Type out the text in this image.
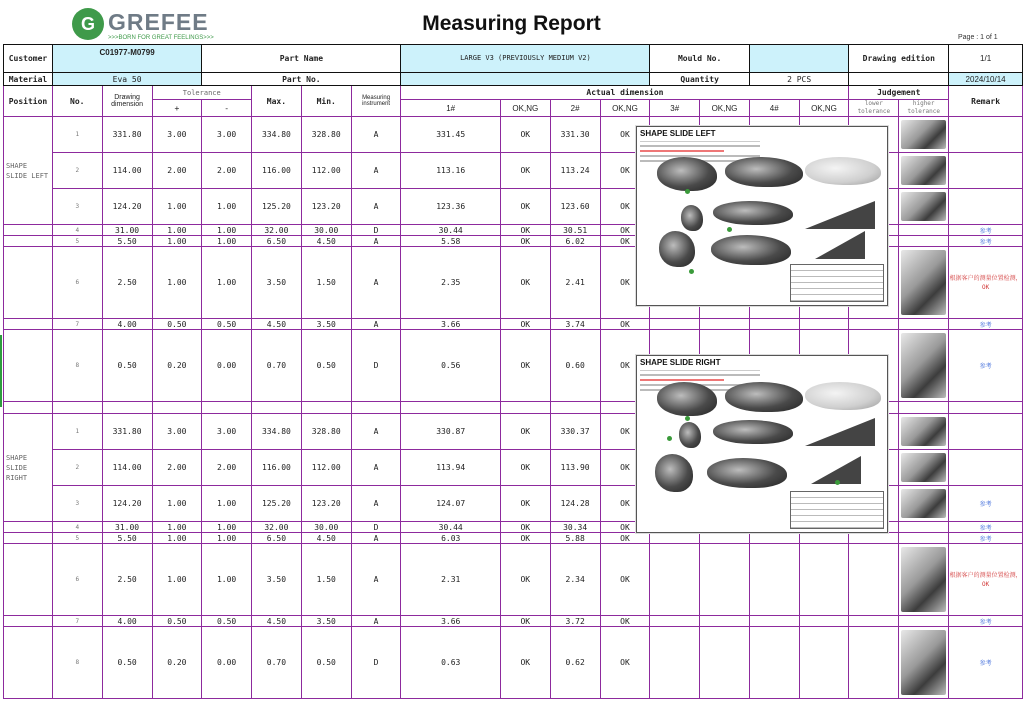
G GREFEE
>>>BORN FOR GREAT FEELINGS>>>
Measuring Report
Page : 1 of 1
Customer	C01977-M0799			Part Name				LARGE V3 (PREVIOUSLY MEDIUM V2)				Mould No.				Drawing edition		1/1
Material	Eva 50			Part No.								Quantity		2 PCS				2024/10/14
Position	No.	Drawing dimension	Tolerance		Max.	Min.	Measuring instrument	Actual dimension								Judgement		Remark
			+	-				1#	OK,NG	2#	OK,NG	3#	OK,NG	4#	OK,NG	lower tolerance	higher tolerance	
SHAPE SLIDE LEFT	1	331.80	3.00	3.00	334.80	328.80	A	331.45	OK	331.30	OK						

	2	114.00	2.00	2.00	116.00	112.00	A	113.16	OK	113.24	OK						

	3	124.20	1.00	1.00	125.20	123.20	A	123.36	OK	123.60	OK						

	4	31.00	1.00	1.00	32.00	30.00	D	30.44	OK	30.51	OK							参考
	5	5.50	1.00	1.00	6.50	4.50	A	5.58	OK	6.02	OK							参考
	6	2.50	1.00	1.00	3.50	1.50	A	2.35	OK	2.41	OK							根据客户的测量位置检测，OK
	7	4.00	0.50	0.50	4.50	3.50	A	3.66	OK	3.74	OK							参考
	8	0.50	0.20	0.00	0.70	0.50	D	0.56	OK	0.60	OK							参考

SHAPE SLIDE RIGHT	1	331.80	3.00	3.00	334.80	328.80	A	330.87	OK	330.37	OK						

	2	114.00	2.00	2.00	116.00	112.00	A	113.94	OK	113.90	OK						

	3	124.20	1.00	1.00	125.20	123.20	A	124.07	OK	124.28	OK							参考
	4	31.00	1.00	1.00	32.00	30.00	D	30.44	OK	30.34	OK							参考
	5	5.50	1.00	1.00	6.50	4.50	A	6.03	OK	5.88	OK							参考
	6	2.50	1.00	1.00	3.50	1.50	A	2.31	OK	2.34	OK							根据客户的测量位置检测，OK
	7	4.00	0.50	0.50	4.50	3.50	A	3.66	OK	3.72	OK							参考
	8	0.50	0.20	0.00	0.70	0.50	D	0.63	OK	0.62	OK							参考
SHAPE SLIDE LEFT
SHAPE SLIDE RIGHT
